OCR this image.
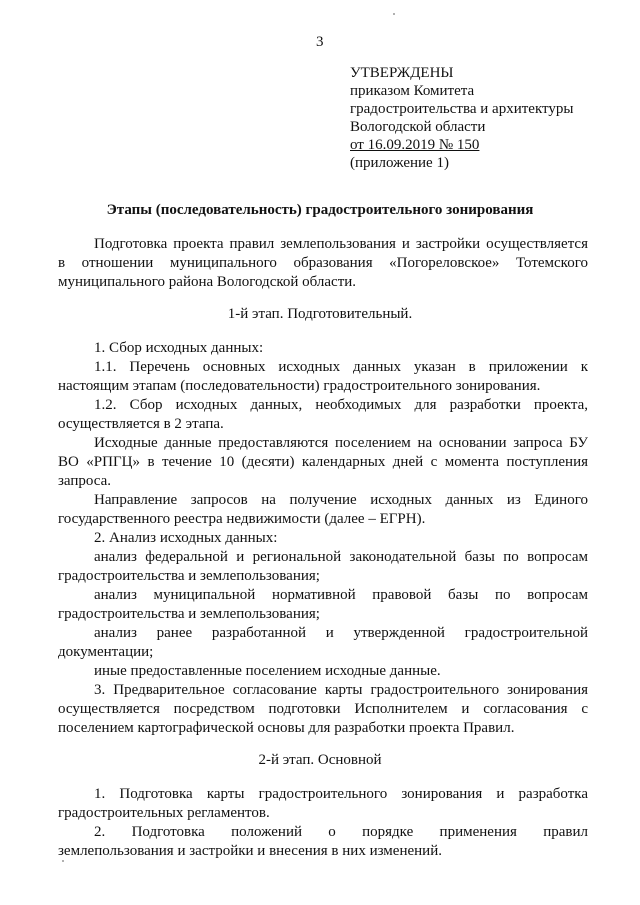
3

УТВЕРЖДЕНЫ
приказом Комитета
градостроительства и архитектуры
Вологодской области
от 16.09.2019 № 150
(приложение 1)

Этапы (последовательность) градостроительного зонирования

Подготовка проекта правил землепользования и застройки осуществляется

в отношении муниципального образования «Погореловское» Тотемского

муниципального района Вологодской области.

1-й этап. Подготовительный.

1. Сбор исходных данных:

1.1. Перечень основных исходных данных указан в приложении к

настоящим этапам (последовательности) градостроительного зонирования.

1.2. Сбор исходных данных, необходимых для разработки проекта,

осуществляется в 2 этапа.

Исходные данные предоставляются поселением на основании запроса БУ

ВО «РПГЦ» в течение 10 (десяти) календарных дней с момента поступления

запроса.

Направление запросов на получение исходных данных из Единого

государственного реестра недвижимости (далее – ЕГРН).

2. Анализ исходных данных:

анализ федеральной и региональной законодательной базы по вопросам

градостроительства и землепользования;

анализ муниципальной нормативной правовой базы по вопросам

градостроительства и землепользования;

анализ ранее разработанной и утвержденной градостроительной

документации;

иные предоставленные поселением исходные данные.

3. Предварительное согласование карты градостроительного зонирования

осуществляется посредством подготовки Исполнителем и согласования с

поселением картографической основы для разработки проекта Правил.

2-й этап. Основной

1. Подготовка карты градостроительного зонирования и разработка

градостроительных регламентов.

2. Подготовка положений о порядке применения правил

землепользования и застройки и внесения в них изменений.
